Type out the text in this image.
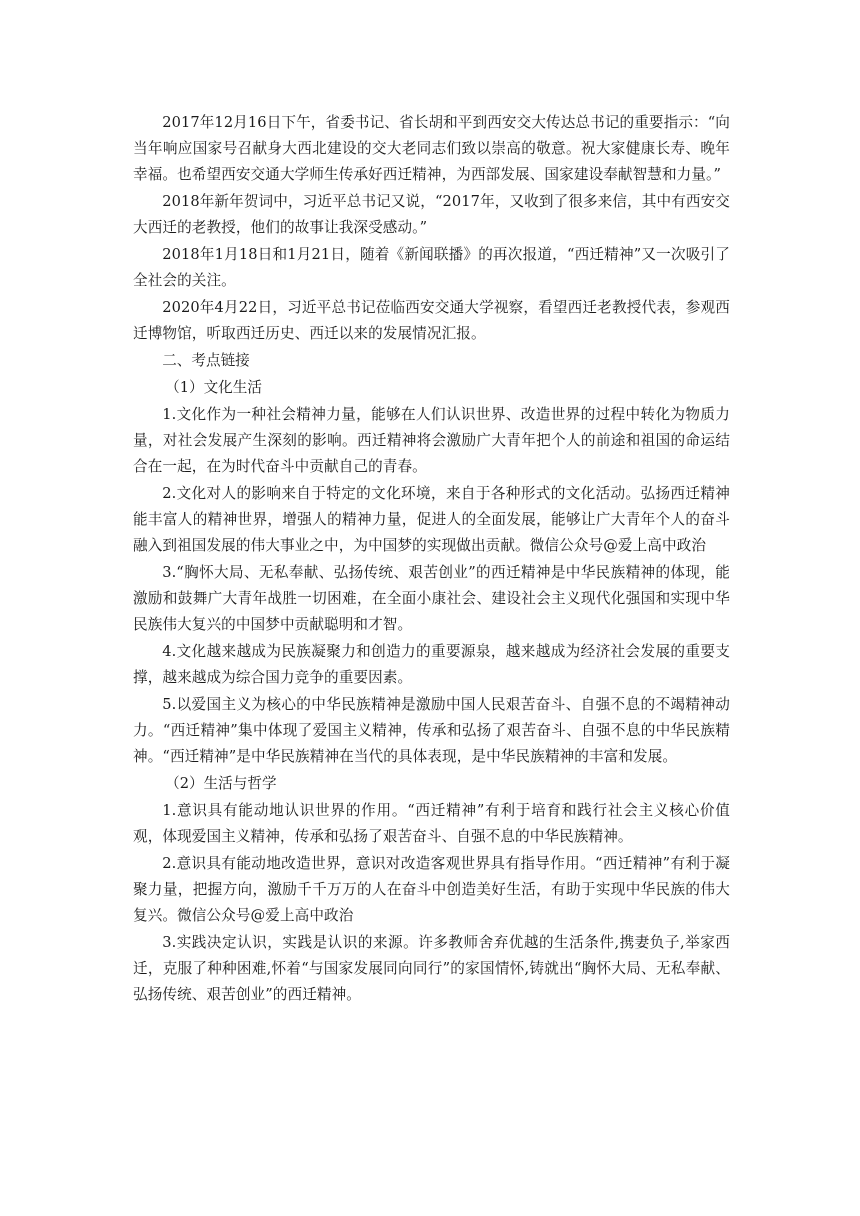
2017年12月16日下午，省委书记、省长胡和平到西安交大传达总书记的重要指示：“向当年响应国家号召献身大西北建设的交大老同志们致以崇高的敬意。祝大家健康长寿、晚年幸福。也希望西安交通大学师生传承好西迁精神，为西部发展、国家建设奉献智慧和力量。”

2018年新年贺词中，习近平总书记又说，“2017年，又收到了很多来信，其中有西安交大西迁的老教授，他们的故事让我深受感动。”

2018年1月18日和1月21日，随着《新闻联播》的再次报道，“西迁精神”又一次吸引了全社会的关注。

2020年4月22日，习近平总书记莅临西安交通大学视察，看望西迁老教授代表，参观西迁博物馆，听取西迁历史、西迁以来的发展情况汇报。

二、考点链接

（1）文化生活

1.文化作为一种社会精神力量，能够在人们认识世界、改造世界的过程中转化为物质力量，对社会发展产生深刻的影响。西迁精神将会激励广大青年把个人的前途和祖国的命运结合在一起，在为时代奋斗中贡献自己的青春。

2.文化对人的影响来自于特定的文化环境，来自于各种形式的文化活动。弘扬西迁精神能丰富人的精神世界，增强人的精神力量，促进人的全面发展，能够让广大青年个人的奋斗融入到祖国发展的伟大事业之中，为中国梦的实现做出贡献。微信公众号@爱上高中政治

3.“胸怀大局、无私奉献、弘扬传统、艰苦创业”的西迁精神是中华民族精神的体现，能激励和鼓舞广大青年战胜一切困难，在全面小康社会、建设社会主义现代化强国和实现中华民族伟大复兴的中国梦中贡献聪明和才智。

4.文化越来越成为民族凝聚力和创造力的重要源泉，越来越成为经济社会发展的重要支撑，越来越成为综合国力竞争的重要因素。

5.以爱国主义为核心的中华民族精神是激励中国人民艰苦奋斗、自强不息的不竭精神动力。“西迁精神”集中体现了爱国主义精神，传承和弘扬了艰苦奋斗、自强不息的中华民族精神。“西迁精神”是中华民族精神在当代的具体表现，是中华民族精神的丰富和发展。

（2）生活与哲学

1.意识具有能动地认识世界的作用。“西迁精神”有利于培育和践行社会主义核心价值观，体现爱国主义精神，传承和弘扬了艰苦奋斗、自强不息的中华民族精神。

2.意识具有能动地改造世界，意识对改造客观世界具有指导作用。“西迁精神”有利于凝聚力量，把握方向，激励千千万万的人在奋斗中创造美好生活，有助于实现中华民族的伟大复兴。微信公众号@爱上高中政治

3.实践决定认识，实践是认识的来源。许多教师舍弃优越的生活条件,携妻负子,举家西迁，克服了种种困难,怀着“与国家发展同向同行”的家国情怀,铸就出“胸怀大局、无私奉献、弘扬传统、艰苦创业”的西迁精神。
